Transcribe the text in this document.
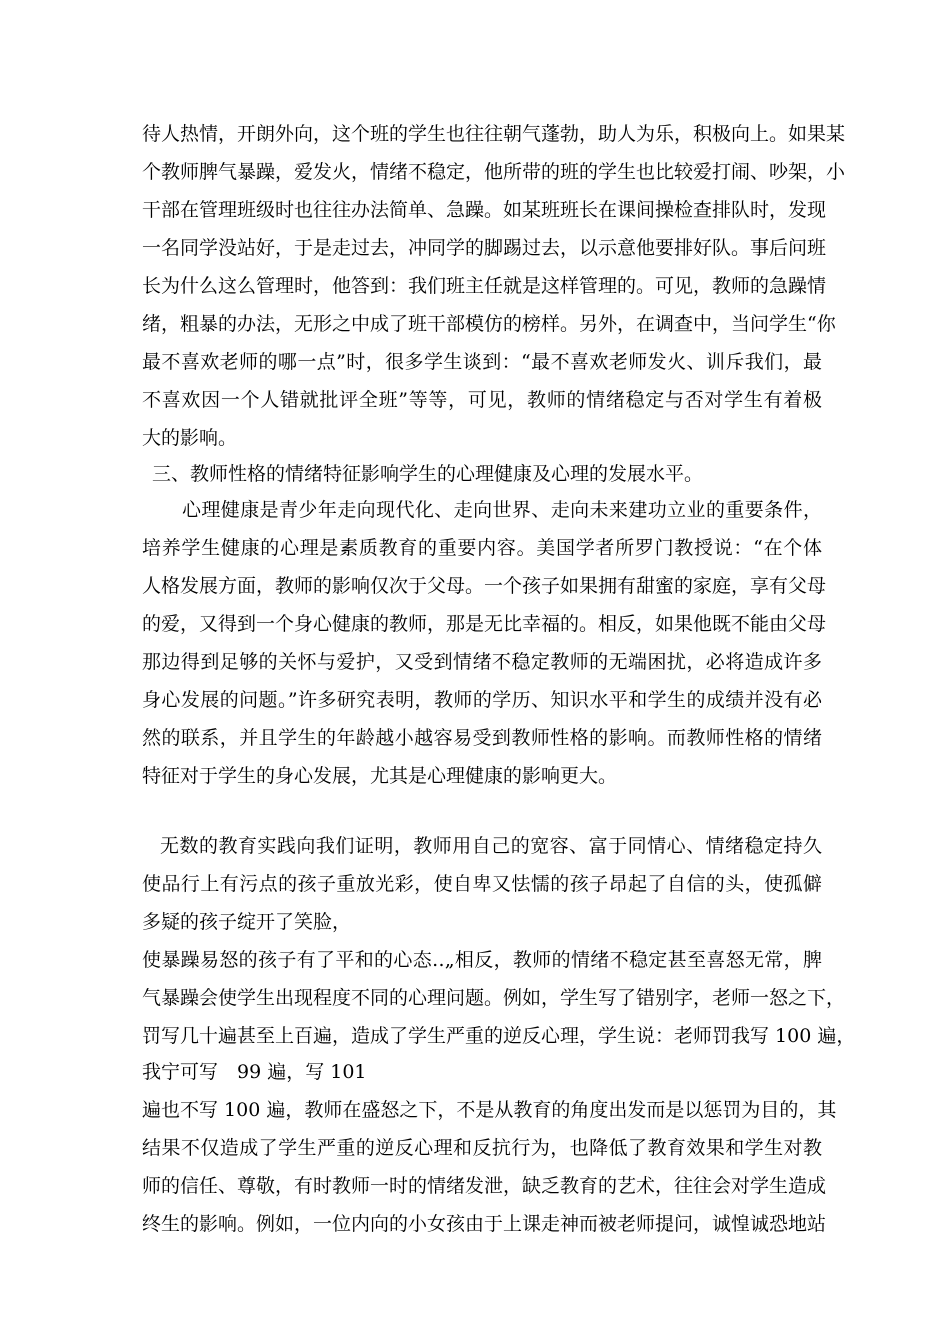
待人热情，开朗外向，这个班的学生也往往朝气蓬勃，助人为乐，积极向上。如果某
个教师脾气暴躁，爱发火，情绪不稳定，他所带的班的学生也比较爱打闹、吵架，小
干部在管理班级时也往往办法简单、急躁。如某班班长在课间操检查排队时，发现
一名同学没站好，于是走过去，冲同学的脚踢过去，以示意他要排好队。事后问班
长为什么这么管理时，他答到：我们班主任就是这样管理的。可见，教师的急躁情
绪，粗暴的办法，无形之中成了班干部模仿的榜样。另外，在调查中，当问学生“你
最不喜欢老师的哪一点”时，很多学生谈到：“最不喜欢老师发火、训斥我们，最
不喜欢因一个人错就批评全班”等等，可见，教师的情绪稳定与否对学生有着极
大的影响。
三、教师性格的情绪特征影响学生的心理健康及心理的发展水平。
心理健康是青少年走向现代化、走向世界、走向未来建功立业的重要条件，
培养学生健康的心理是素质教育的重要内容。美国学者所罗门教授说：“在个体
人格发展方面，教师的影响仅次于父母。一个孩子如果拥有甜蜜的家庭，享有父母
的爱，又得到一个身心健康的教师，那是无比幸福的。相反，如果他既不能由父母
那边得到足够的关怀与爱护，又受到情绪不稳定教师的无端困扰，必将造成许多
身心发展的问题。”许多研究表明，教师的学历、知识水平和学生的成绩并没有必
然的联系，并且学生的年龄越小越容易受到教师性格的影响。而教师性格的情绪
特征对于学生的身心发展，尤其是心理健康的影响更大。
无数的教育实践向我们证明，教师用自己的宽容、富于同情心、情绪稳定持久
使品行上有污点的孩子重放光彩，使自卑又怯懦的孩子昂起了自信的头，使孤僻
多疑的孩子绽开了笑脸，
使暴躁易怒的孩子有了平和的心态‥„相反，教师的情绪不稳定甚至喜怒无常，脾
气暴躁会使学生出现程度不同的心理问题。例如，学生写了错别字，老师一怒之下，
罚写几十遍甚至上百遍，造成了学生严重的逆反心理，学生说：老师罚我写 100 遍，
我宁可写　99 遍，写 101
遍也不写 100 遍，教师在盛怒之下，不是从教育的角度出发而是以惩罚为目的，其
结果不仅造成了学生严重的逆反心理和反抗行为，也降低了教育效果和学生对教
师的信任、尊敬，有时教师一时的情绪发泄，缺乏教育的艺术，往往会对学生造成
终生的影响。例如，一位内向的小女孩由于上课走神而被老师提问，诚惶诚恐地站
